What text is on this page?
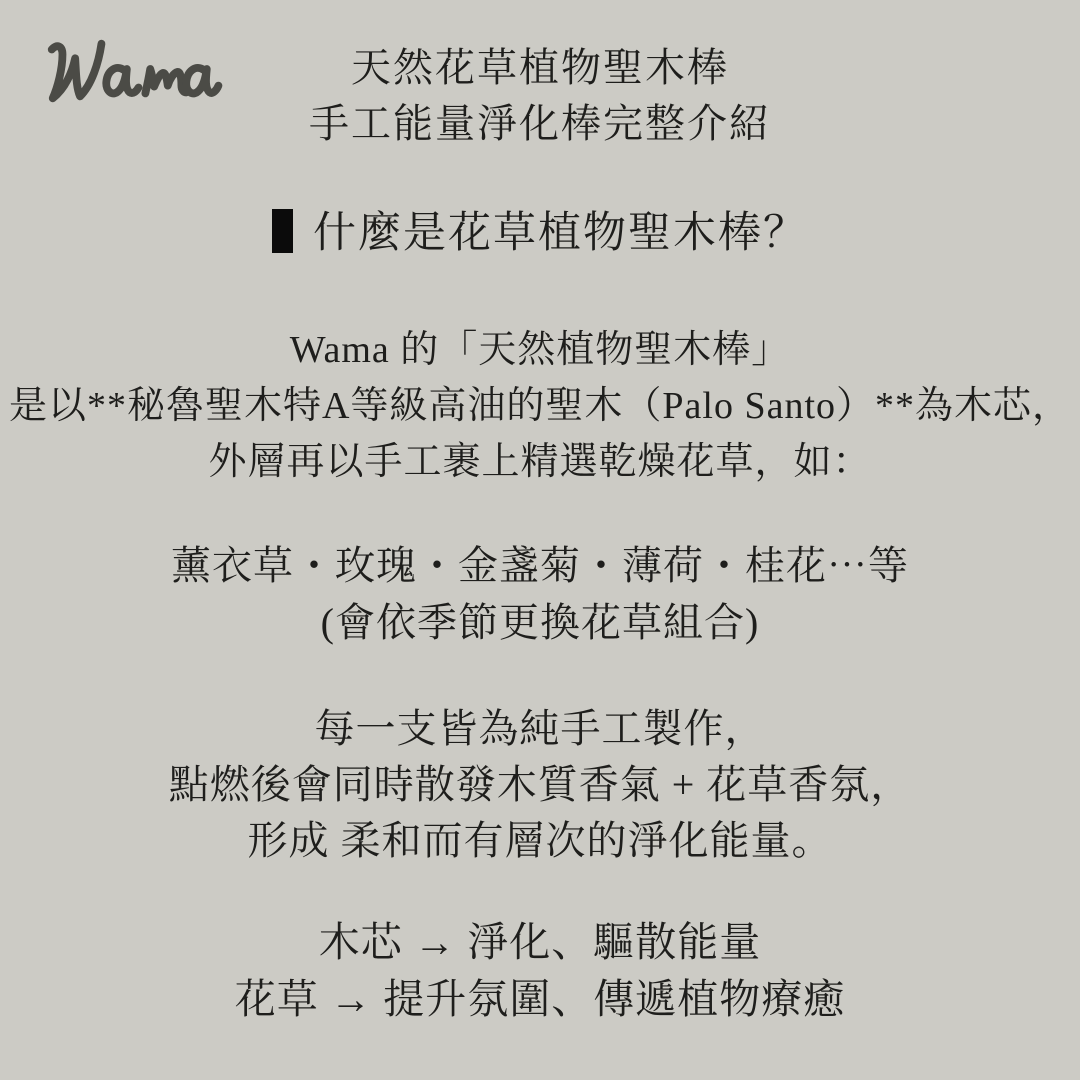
天然花草植物聖木棒
手工能量淨化棒完整介紹
什麼是花草植物聖木棒？
Wama 的「天然植物聖木棒」
是以**秘魯聖木特A等級高油的聖木（Palo Santo）**為木芯，
外層再以手工裹上精選乾燥花草，如：
薰衣草・玫瑰・金盞菊・薄荷・桂花⋯等
(會依季節更換花草組合)
每一支皆為純手工製作，
點燃後會同時散發木質香氣 + 花草香氛，
形成 柔和而有層次的淨化能量。
木芯 → 淨化、驅散能量
花草 → 提升氛圍、傳遞植物療癒
